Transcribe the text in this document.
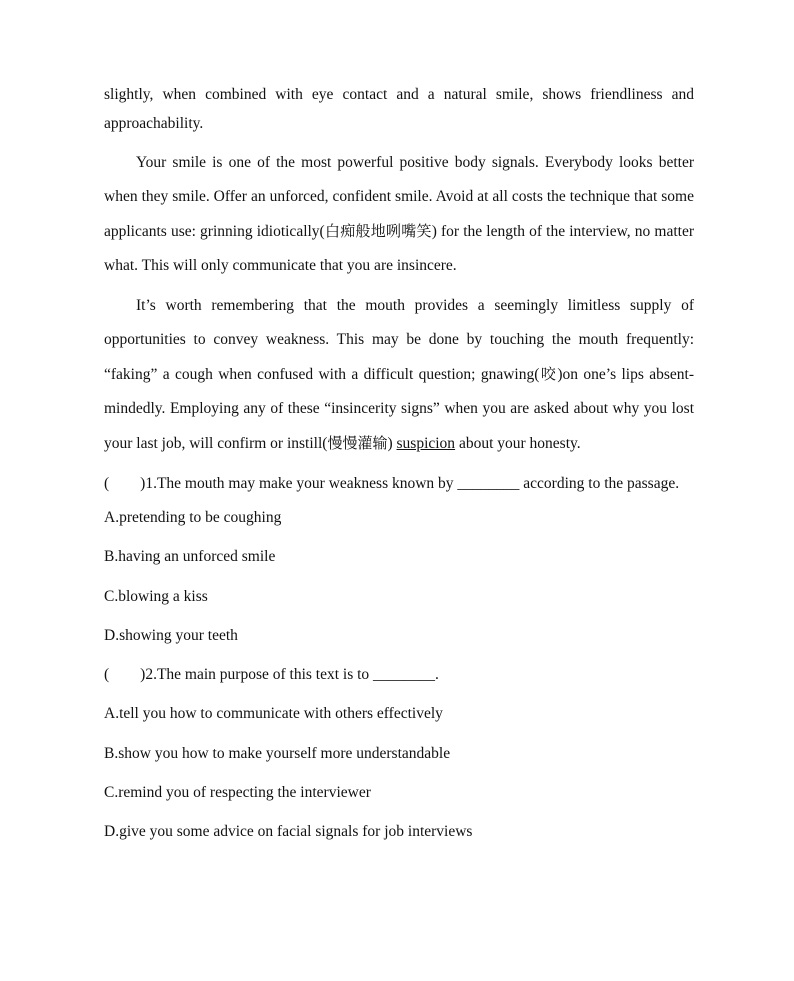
slightly, when combined with eye contact and a natural smile, shows friendliness and approachability.

Your smile is one of the most powerful positive body signals. Everybody looks better when they smile. Offer an unforced, confident smile. Avoid at all costs the technique that some applicants use: grinning idiotically(白痴般地咧嘴笑) for the length of the interview, no matter what. This will only communicate that you are insincere.

It’s worth remembering that the mouth provides a seemingly limitless supply of opportunities to convey weakness. This may be done by touching the mouth frequently: “faking” a cough when confused with a difficult question; gnawing(咬)on one’s lips absent-mindedly. Employing any of these “insincerity signs” when you are asked about why you lost your last job, will confirm or instill(慢慢灌输) suspicion about your honesty.

(        )1.The mouth may make your weakness known by ________ according to the passage.

A.pretending to be coughing
B.having an unforced smile
C.blowing a kiss
D.showing your teeth

(        )2.The main purpose of this text is to ________.

A.tell you how to communicate with others effectively
B.show you how to make yourself more understandable
C.remind you of respecting the interviewer
D.give you some advice on facial signals for job interviews
